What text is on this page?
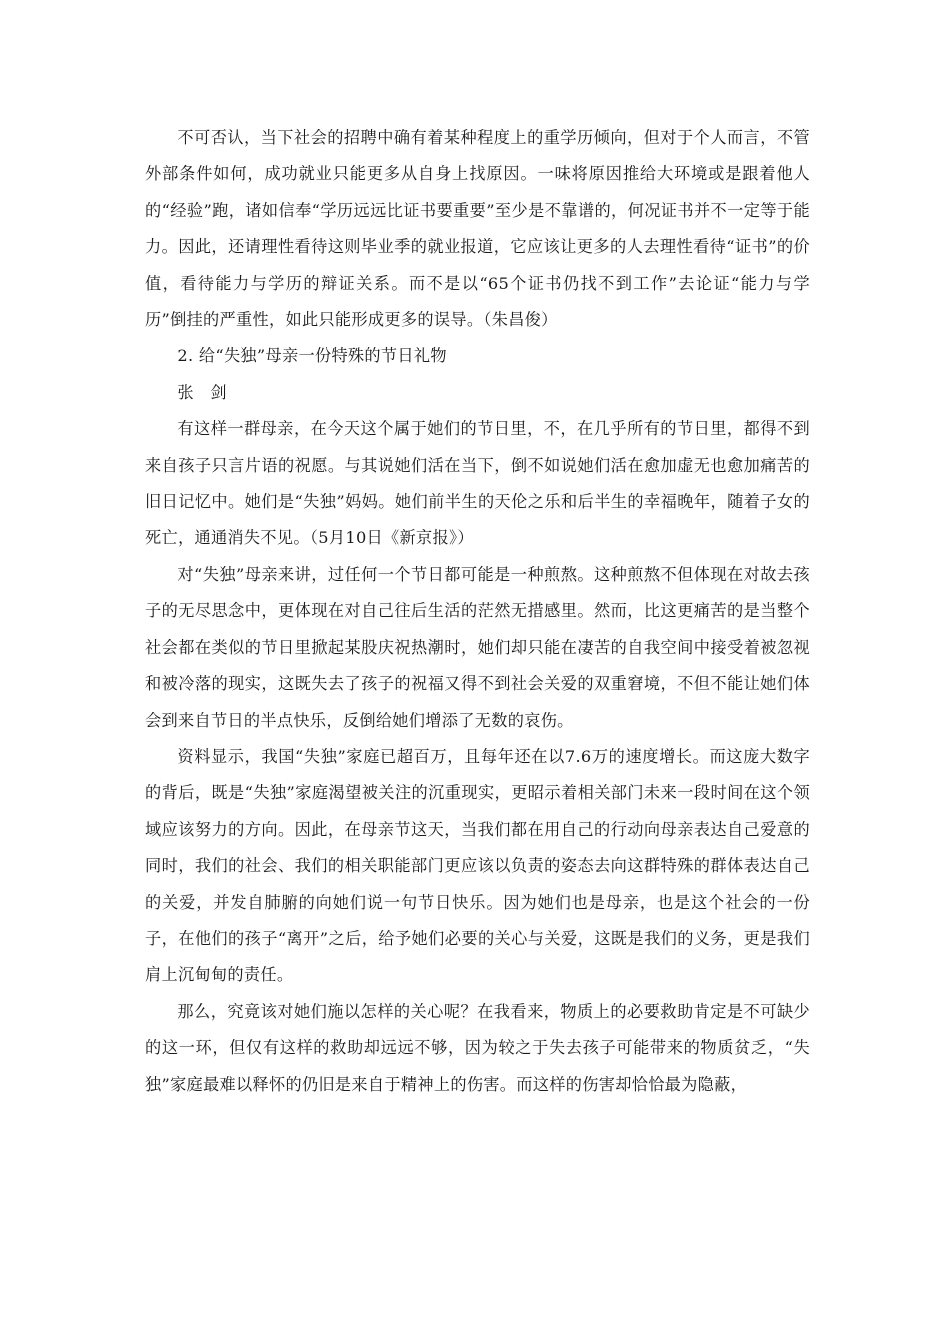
不可否认，当下社会的招聘中确有着某种程度上的重学历倾向，但对于个人而言，不管外部条件如何，成功就业只能更多从自身上找原因。一味将原因推给大环境或是跟着他人的“经验”跑，诸如信奉“学历远远比证书要重要”至少是不靠谱的，何况证书并不一定等于能力。因此，还请理性看待这则毕业季的就业报道，它应该让更多的人去理性看待“证书”的价值，看待能力与学历的辩证关系。而不是以“65个证书仍找不到工作”去论证“能力与学历”倒挂的严重性，如此只能形成更多的误导。（朱昌俊）

2. 给“失独”母亲一份特殊的节日礼物

张　剑

有这样一群母亲，在今天这个属于她们的节日里，不，在几乎所有的节日里，都得不到来自孩子只言片语的祝愿。与其说她们活在当下，倒不如说她们活在愈加虚无也愈加痛苦的旧日记忆中。她们是“失独”妈妈。她们前半生的天伦之乐和后半生的幸福晚年，随着子女的死亡，通通消失不见。（5月10日《新京报》）

对“失独”母亲来讲，过任何一个节日都可能是一种煎熬。这种煎熬不但体现在对故去孩子的无尽思念中，更体现在对自己往后生活的茫然无措感里。然而，比这更痛苦的是当整个社会都在类似的节日里掀起某股庆祝热潮时，她们却只能在凄苦的自我空间中接受着被忽视和被冷落的现实，这既失去了孩子的祝福又得不到社会关爱的双重窘境，不但不能让她们体会到来自节日的半点快乐，反倒给她们增添了无数的哀伤。

资料显示，我国“失独”家庭已超百万，且每年还在以7.6万的速度增长。而这庞大数字的背后，既是“失独”家庭渴望被关注的沉重现实，更昭示着相关部门未来一段时间在这个领域应该努力的方向。因此，在母亲节这天，当我们都在用自己的行动向母亲表达自己爱意的同时，我们的社会、我们的相关职能部门更应该以负责的姿态去向这群特殊的群体表达自己的关爱，并发自肺腑的向她们说一句节日快乐。因为她们也是母亲，也是这个社会的一份子，在他们的孩子“离开”之后，给予她们必要的关心与关爱，这既是我们的义务，更是我们肩上沉甸甸的责任。

那么，究竟该对她们施以怎样的关心呢？在我看来，物质上的必要救助肯定是不可缺少的这一环，但仅有这样的救助却远远不够，因为较之于失去孩子可能带来的物质贫乏，“失独”家庭最难以释怀的仍旧是来自于精神上的伤害。而这样的伤害却恰恰最为隐蔽，
